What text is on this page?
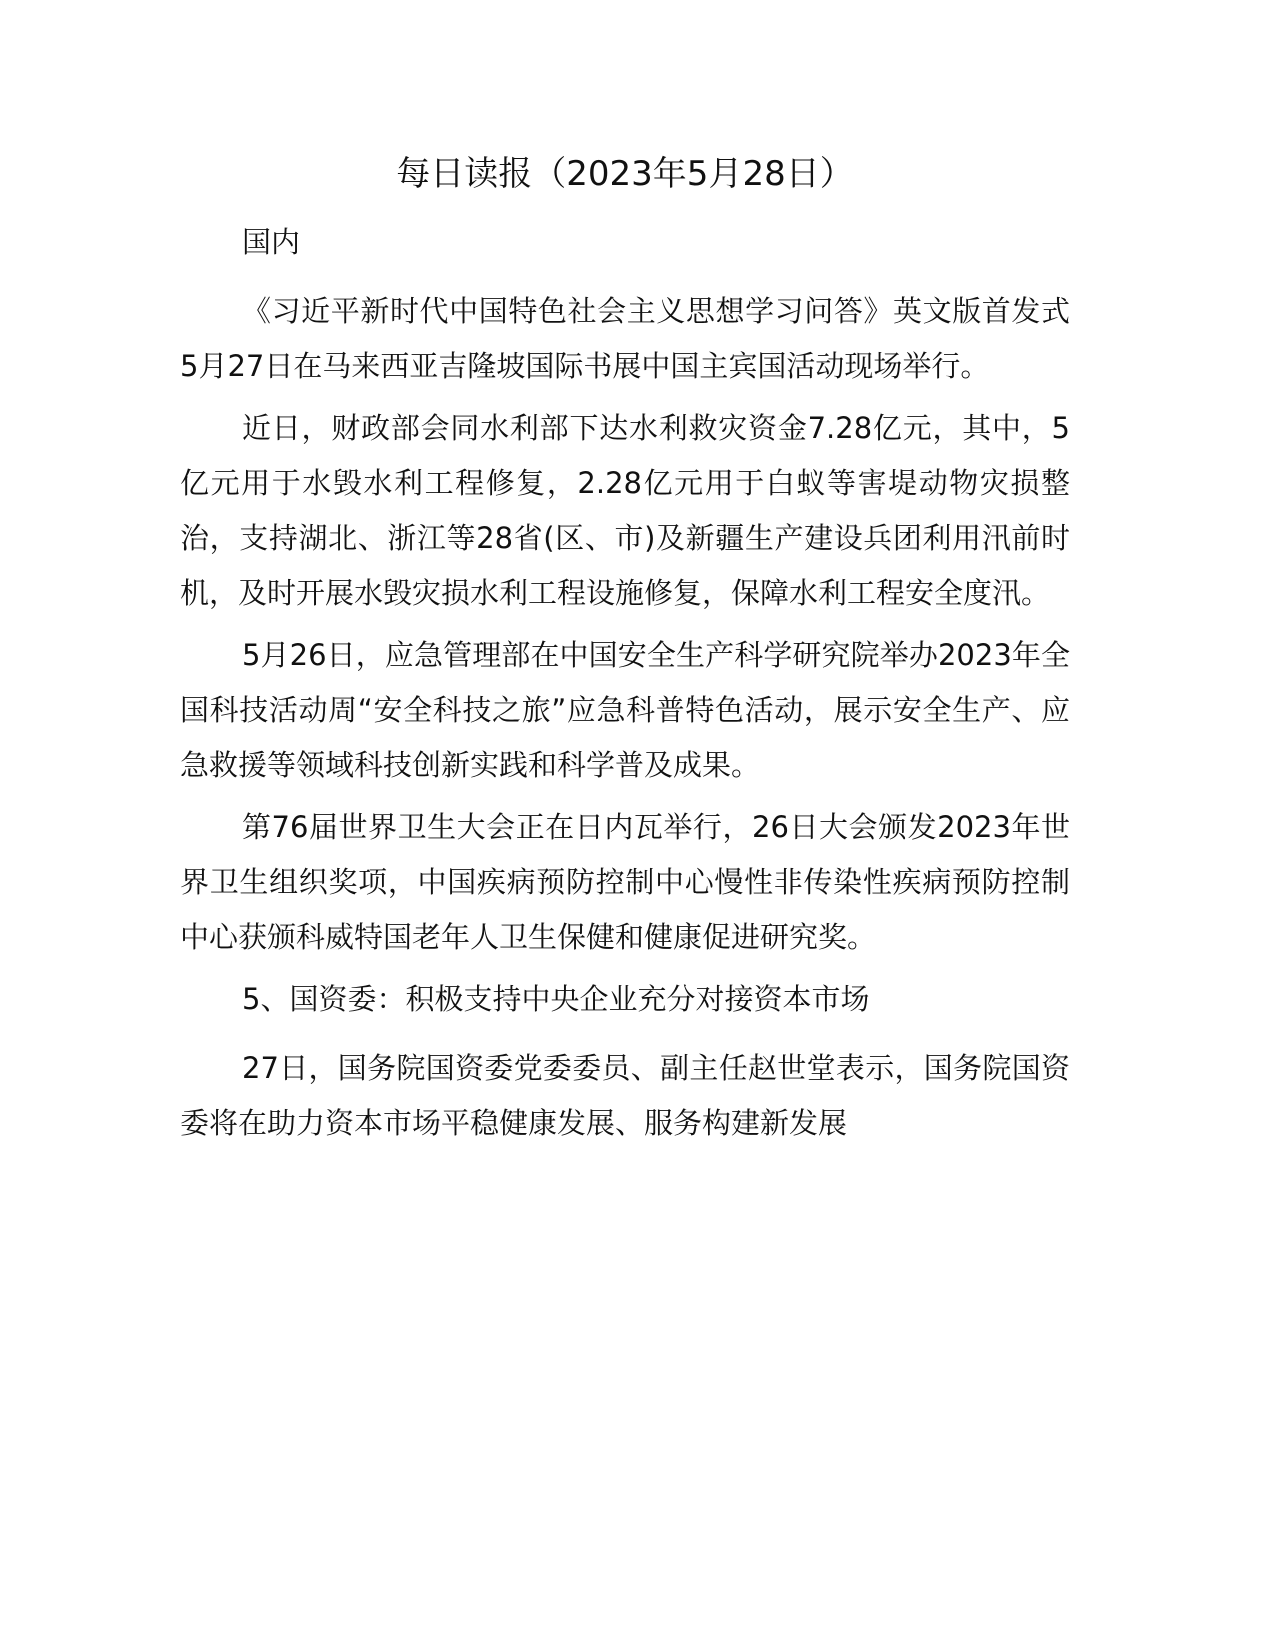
每日读报（2023年5月28日）

国内

《习近平新时代中国特色社会主义思想学习问答》英文版首发式5月27日在马来西亚吉隆坡国际书展中国主宾国活动现场举行。

近日，财政部会同水利部下达水利救灾资金7.28亿元，其中，5亿元用于水毁水利工程修复，2.28亿元用于白蚁等害堤动物灾损整治，支持湖北、浙江等28省(区、市)及新疆生产建设兵团利用汛前时机，及时开展水毁灾损水利工程设施修复，保障水利工程安全度汛。

5月26日，应急管理部在中国安全生产科学研究院举办2023年全国科技活动周“安全科技之旅”应急科普特色活动，展示安全生产、应急救援等领域科技创新实践和科学普及成果。

第76届世界卫生大会正在日内瓦举行，26日大会颁发2023年世界卫生组织奖项，中国疾病预防控制中心慢性非传染性疾病预防控制中心获颁科威特国老年人卫生保健和健康促进研究奖。

5、国资委：积极支持中央企业充分对接资本市场

27日，国务院国资委党委委员、副主任赵世堂表示，国务院国资委将在助力资本市场平稳健康发展、服务构建新发展
